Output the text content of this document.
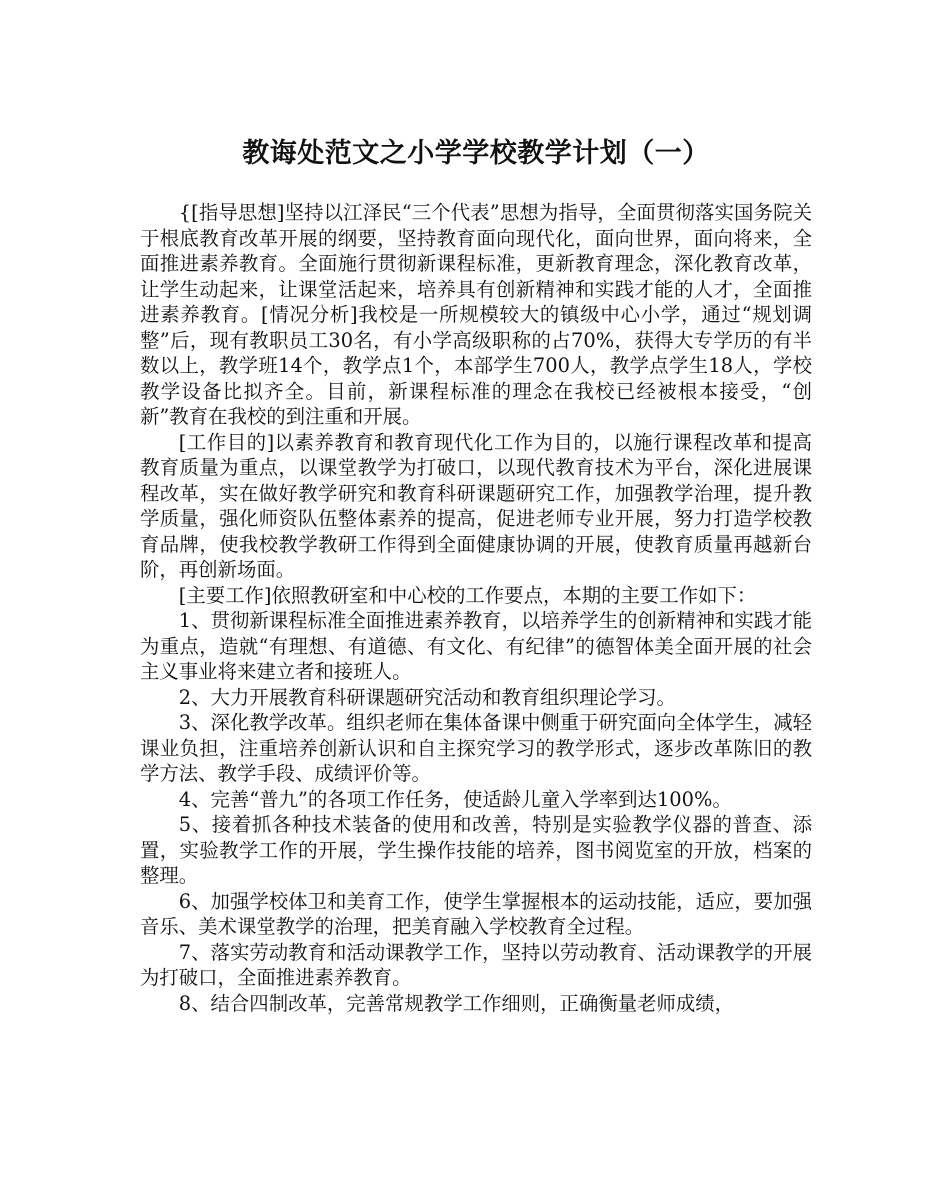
教诲处范文之小学学校教学计划（一）

{[指导思想]坚持以江泽民“三个代表”思想为指导，全面贯彻落实国务院关于根底教育改革开展的纲要，坚持教育面向现代化，面向世界，面向将来，全面推进素养教育。全面施行贯彻新课程标准，更新教育理念，深化教育改革，让学生动起来，让课堂活起来，培养具有创新精神和实践才能的人才，全面推进素养教育。[情况分析]我校是一所规模较大的镇级中心小学，通过“规划调整”后，现有教职员工30名，有小学高级职称的占70%，获得大专学历的有半数以上，教学班14个，教学点1个，本部学生700人，教学点学生18人，学校教学设备比拟齐全。目前，新课程标准的理念在我校已经被根本接受，“创新”教育在我校的到注重和开展。

[工作目的]以素养教育和教育现代化工作为目的，以施行课程改革和提高教育质量为重点，以课堂教学为打破口，以现代教育技术为平台，深化进展课程改革，实在做好教学研究和教育科研课题研究工作，加强教学治理，提升教学质量，强化师资队伍整体素养的提高，促进老师专业开展，努力打造学校教育品牌，使我校教学教研工作得到全面健康协调的开展，使教育质量再越新台阶，再创新场面。

[主要工作]依照教研室和中心校的工作要点，本期的主要工作如下：

1、贯彻新课程标准全面推进素养教育，以培养学生的创新精神和实践才能为重点，造就“有理想、有道德、有文化、有纪律”的德智体美全面开展的社会主义事业将来建立者和接班人。

2、大力开展教育科研课题研究活动和教育组织理论学习。

3、深化教学改革。组织老师在集体备课中侧重于研究面向全体学生，减轻课业负担，注重培养创新认识和自主探究学习的教学形式，逐步改革陈旧的教学方法、教学手段、成绩评价等。

4、完善“普九”的各项工作任务，使适龄儿童入学率到达100%。

5、接着抓各种技术装备的使用和改善，特别是实验教学仪器的普查、添置，实验教学工作的开展，学生操作技能的培养，图书阅览室的开放，档案的整理。

6、加强学校体卫和美育工作，使学生掌握根本的运动技能，适应，要加强音乐、美术课堂教学的治理，把美育融入学校教育全过程。

7、落实劳动教育和活动课教学工作，坚持以劳动教育、活动课教学的开展为打破口，全面推进素养教育。

8、结合四制改革，完善常规教学工作细则，正确衡量老师成绩，
